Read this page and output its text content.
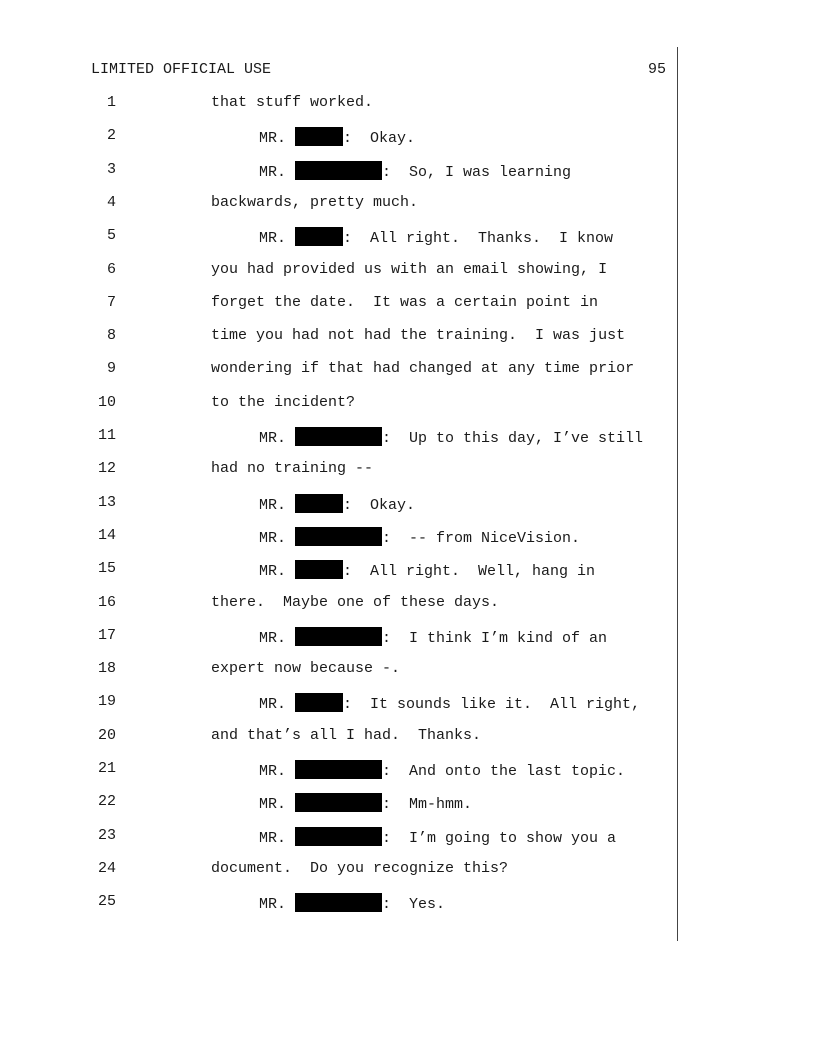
LIMITED OFFICIAL USE	95
1	that stuff worked.
2	MR.	:  Okay.
3	MR.	:  So, I was learning
4	backwards, pretty much.
5	MR.	:  All right.  Thanks.  I know
6	you had provided us with an email showing, I
7	forget the date.  It was a certain point in
8	time you had not had the training.  I was just
9	wondering if that had changed at any time prior
10	to the incident?
11	MR.	:  Up to this day, I’ve still
12	had no training --
13	MR.	:  Okay.
14	MR.	:  -- from NiceVision.
15	MR.	:  All right.  Well, hang in
16	there.  Maybe one of these days.
17	MR.	:  I think I’m kind of an
18	expert now because -.
19	MR.	:  It sounds like it.  All right,
20	and that’s all I had.  Thanks.
21	MR.	:  And onto the last topic.
22	MR.	:  Mm-hmm.
23	MR.	:  I’m going to show you a
24	document.  Do you recognize this?
25	MR.	:  Yes.
